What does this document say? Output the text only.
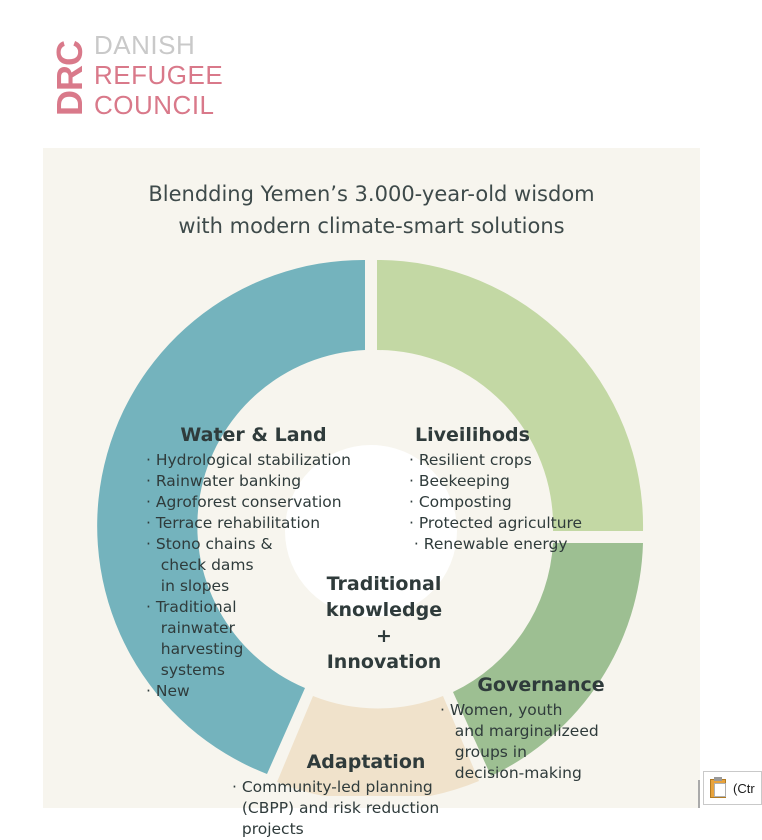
DRC DANISH
REFUGEE
COUNCIL
Blendding Yemen’s 3.000-year-old wisdom
with modern climate-smart solutions
Water & Land
· Hydrological stabilization
· Rainwater banking
· Agroforest conservation
· Terrace rehabilitation
· Stono chains &
check dams
in slopes
· Traditional
rainwater
harvesting
systems
· New
Liveilihods
· Resilient crops
· Beekeeping
· Composting
· Protected agriculture
· Renewable energy
Governance
· Women, youth
and marginalizeed
groups in
decision-making
Adaptation
· Community-led planning
(CBPP) and risk reduction
projects
Traditional
knowledge
+
Innovation
(Ctr
